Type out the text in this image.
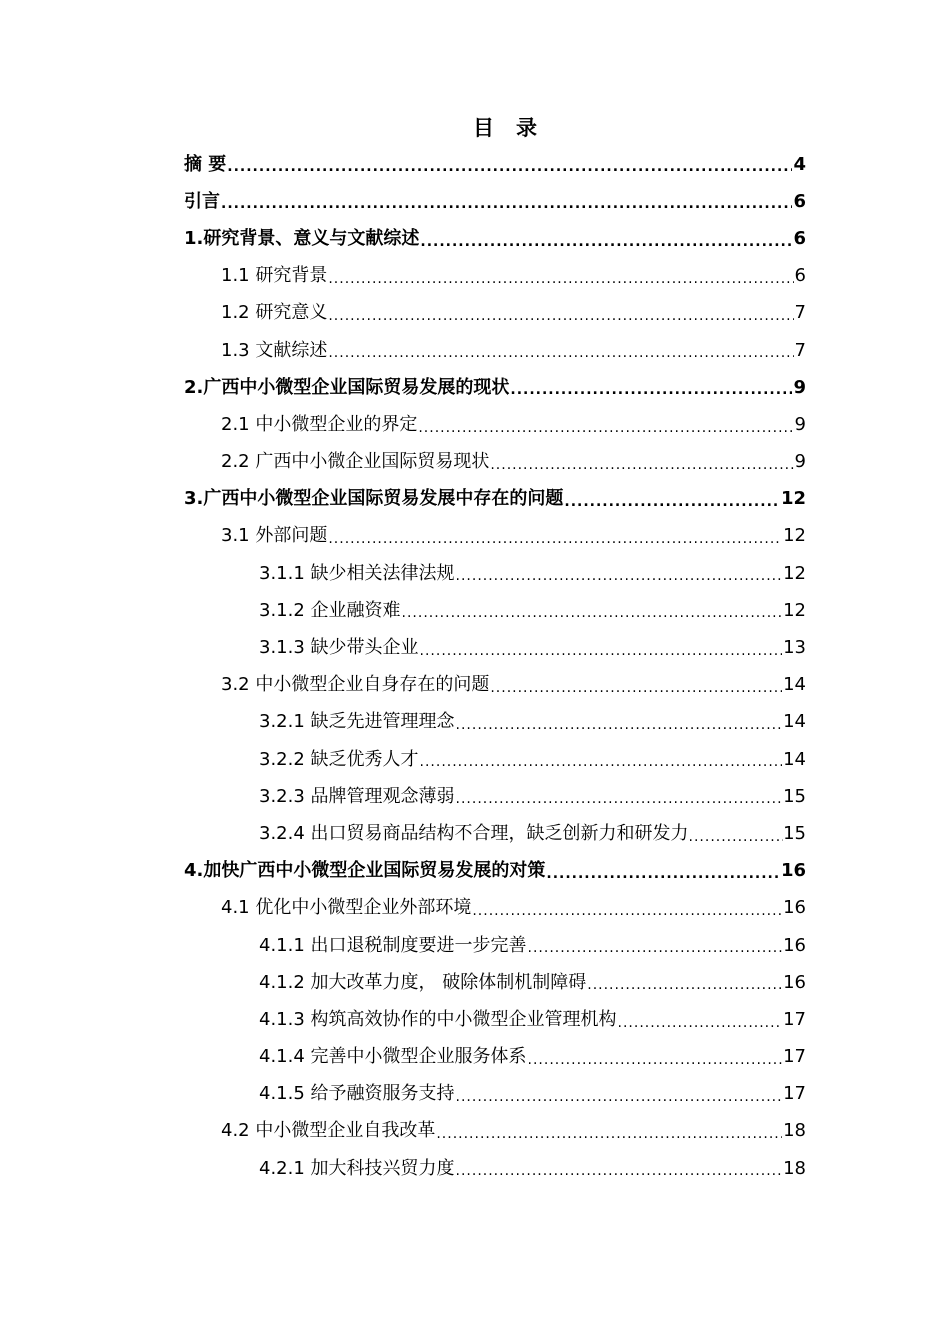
目 录
摘 要 .....	4
引言 .....	6
1.研究背景、意义与文献综述 .....	6
1.1 研究背景 .....	6
1.2 研究意义 .....	7
1.3 文献综述 .....	7
2.广西中小微型企业国际贸易发展的现状 .....	9
2.1 中小微型企业的界定 .....	9
2.2 广西中小微企业国际贸易现状 .....	9
3.广西中小微型企业国际贸易发展中存在的问题 .....	12
3.1 外部问题 .....	12
3.1.1 缺少相关法律法规 .....	12
3.1.2 企业融资难 .....	12
3.1.3 缺少带头企业 .....	13
3.2 中小微型企业自身存在的问题 .....	14
3.2.1 缺乏先进管理理念 .....	14
3.2.2 缺乏优秀人才 .....	14
3.2.3 品牌管理观念薄弱 .....	15
3.2.4 出口贸易商品结构不合理，缺乏创新力和研发力 .....	15
4.加快广西中小微型企业国际贸易发展的对策 .....	16
4.1 优化中小微型企业外部环境 .....	16
4.1.1 出口退税制度要进一步完善 .....	16
4.1.2 加大改革力度， 破除体制机制障碍 .....	16
4.1.3 构筑高效协作的中小微型企业管理机构 .....	17
4.1.4 完善中小微型企业服务体系 .....	17
4.1.5 给予融资服务支持 .....	17
4.2 中小微型企业自我改革 .....	18
4.2.1 加大科技兴贸力度 .....	18
